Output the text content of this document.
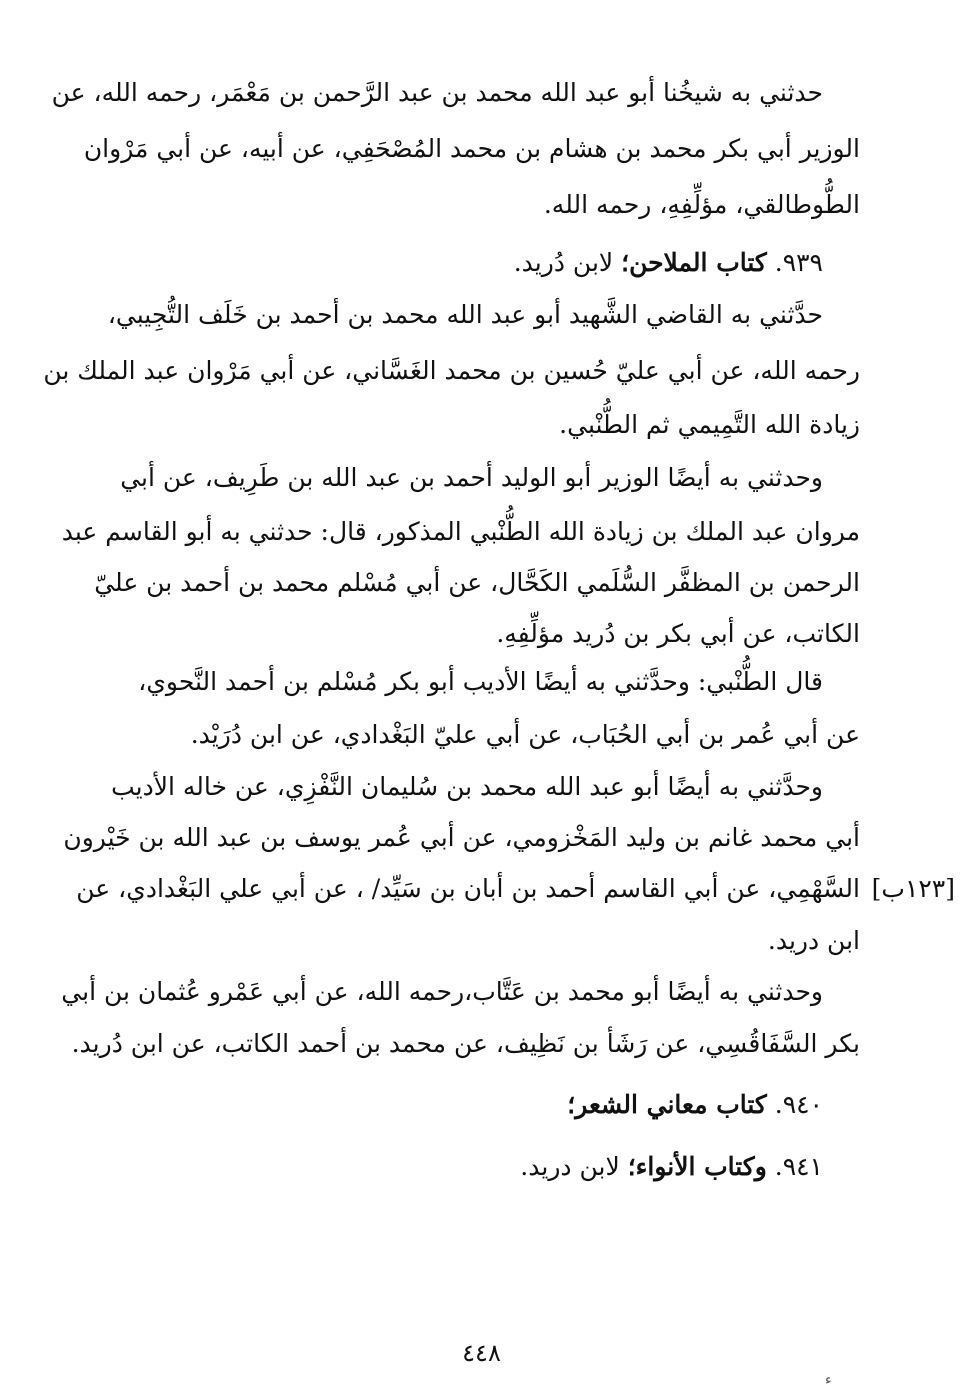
حدثني به شيخُنا أبو عبد الله محمد بن عبد الرَّحمن بن مَعْمَر، رحمه الله، عن
الوزير أبي بكر محمد بن هشام بن محمد المُصْحَفِي، عن أبيه، عن أبي مَرْوان
الطُّوطالقي، مؤلِّفِهِ، رحمه الله.
٩٣٩. كتاب الملاحن؛ لابن دُريد.
حدَّثني به القاضي الشَّهيد أبو عبد الله محمد بن أحمد بن خَلَف التُّجِيبي،
رحمه الله، عن أبي عليّ حُسين بن محمد الغَسَّاني، عن أبي مَرْوان عبد الملك بن
زيادة الله التَّمِيمي ثم الطُّنْبي.
وحدثني به أيضًا الوزير أبو الوليد أحمد بن عبد الله بن طَرِيف، عن أبي
مروان عبد الملك بن زيادة الله الطُّنْبي المذكور، قال: حدثني به أبو القاسم عبد
الرحمن بن المظفَّر السُّلَمي الكَحَّال، عن أبي مُسْلم محمد بن أحمد بن عليّ
الكاتب، عن أبي بكر بن دُريد مؤلِّفِهِ.
قال الطُّنْبي: وحدَّثني به أيضًا الأديب أبو بكر مُسْلم بن أحمد النَّحوي،
عن أبي عُمر بن أبي الحُبَاب، عن أبي عليّ البَغْدادي، عن ابن دُرَيْد.
وحدَّثني به أيضًا أبو عبد الله محمد بن سُليمان النَّفْزِي، عن خاله الأديب
أبي محمد غانم بن وليد المَخْزومي، عن أبي عُمر يوسف بن عبد الله بن خَيْرون
[١٢٣ب]
السَّهْمِي، عن أبي القاسم أحمد بن أبان بن سَيِّد/ ، عن أبي علي البَغْدادي، عن
ابن دريد.
وحدثني به أيضًا أبو محمد بن عَتَّاب،رحمه الله، عن أبي عَمْرو عُثمان بن أبي
بكر السَّفَاقُسِي، عن رَشَأ بن نَظِيف، عن محمد بن أحمد الكاتب، عن ابن دُريد.
٩٤٠. كتاب معاني الشعر؛
٩٤١. وكتاب الأنواء؛ لابن دريد.
٤٤٨
ﺀ
